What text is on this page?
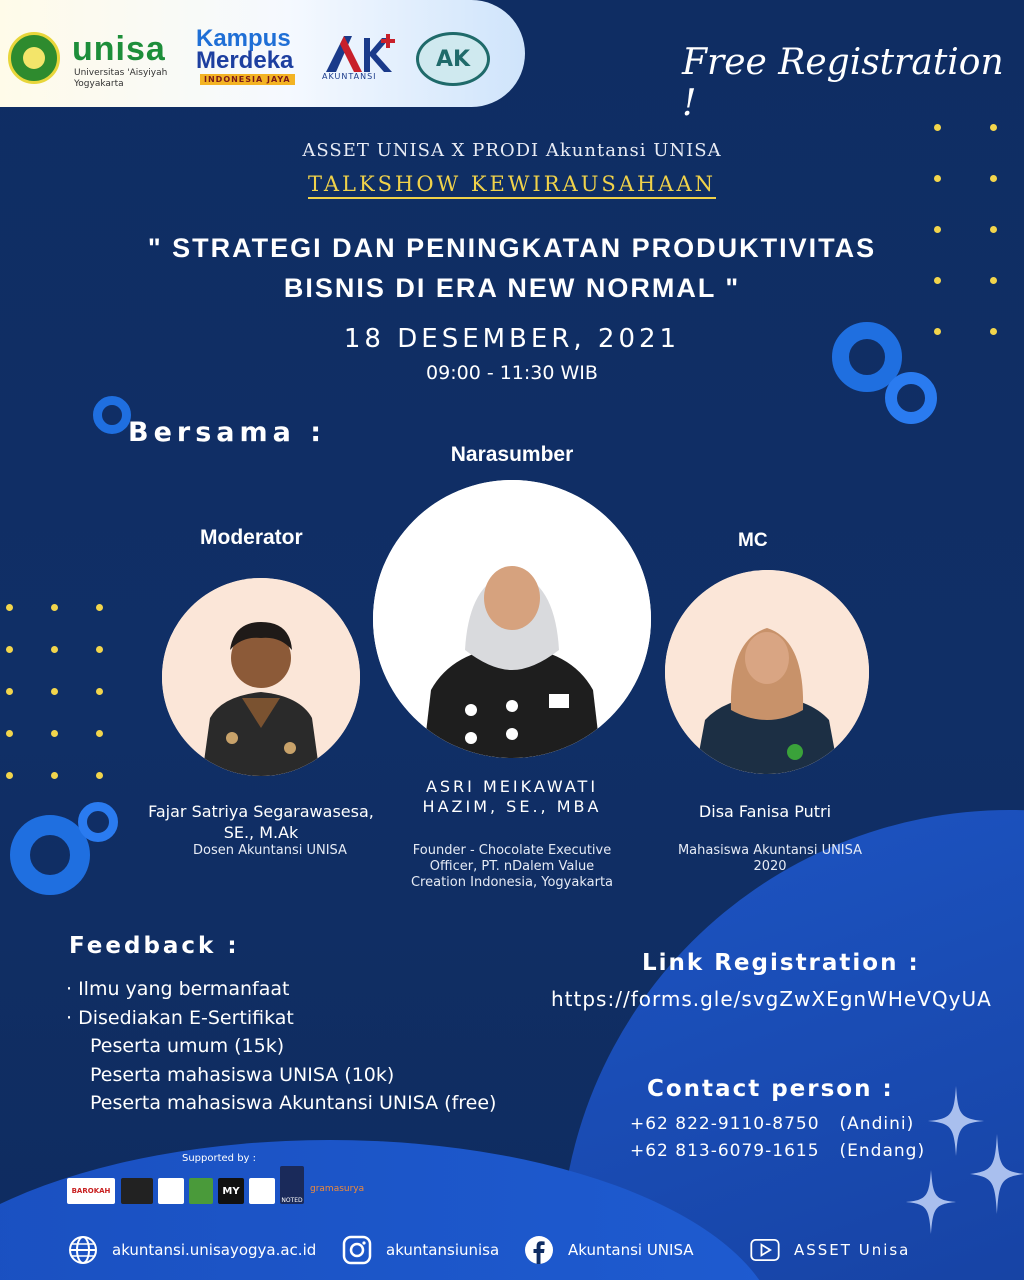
unisa
Universitas 'Aisyiyah
Yogyakarta
Kampus
Merdeka
INDONESIA JAYA	AKUNTANSI
AK	Free Registration !
ASSET UNISA X PRODI Akuntansi UNISA
TALKSHOW KEWIRAUSAHAAN
" STRATEGI DAN PENINGKATAN PRODUKTIVITAS
BISNIS DI ERA NEW NORMAL "
18 DESEMBER, 2021
09:00 - 11:30 WIB
Bersama :
Moderator
Fajar Satriya Segarawasesa,
SE., M.Ak
Dosen Akuntansi UNISA
Narasumber
ASRI MEIKAWATI
HAZIM, SE., MBA
Founder - Chocolate Executive
Officer, PT. nDalem Value
Creation Indonesia, Yogyakarta
MC
Disa Fanisa Putri
Mahasiswa Akuntansi UNISA
2020
Feedback :
· Ilmu yang bermanfaat
· Disediakan E-Sertifikat
Peserta umum (15k)
Peserta mahasiswa UNISA (10k)
Peserta mahasiswa Akuntansi UNISA (free)
Link Registration :
https://forms.gle/svgZwXEgnWHeVQyUA
Contact person :
+62 822-9110-8750 (Andini)
+62 813-6079-1615 (Endang)
Supported by :
BAROKAH	MY
NOTED
gramasurya
akuntansi.unisayogya.ac.id	akuntansiunisa	Akuntansi UNISA	ASSET Unisa
